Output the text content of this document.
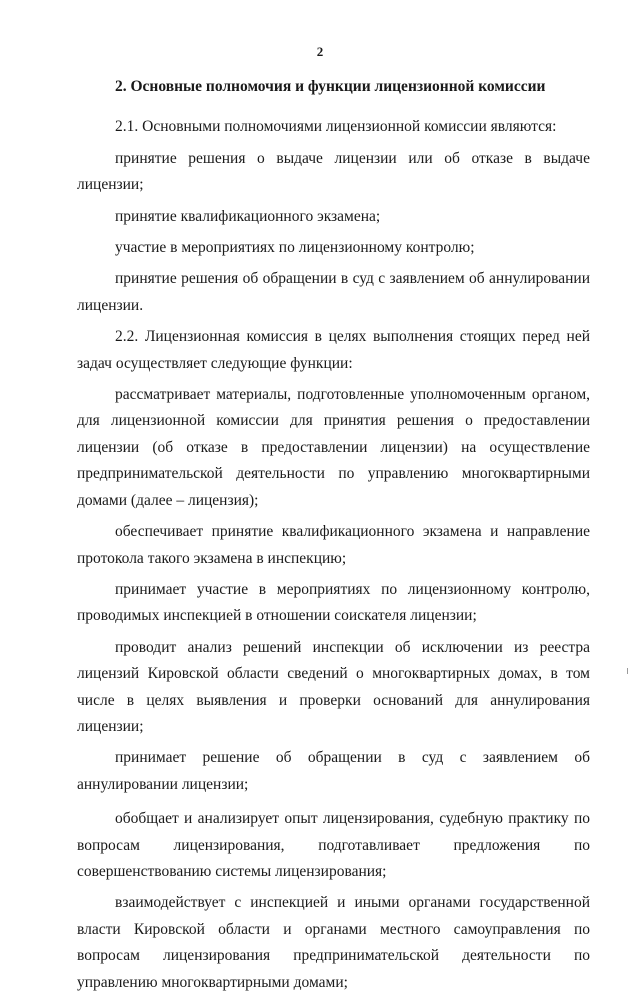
2
2. Основные полномочия и функции лицензионной комиссии

2.1. Основными полномочиями лицензионной комиссии являются:

принятие решения о выдаче лицензии или об отказе в выдаче лицензии;

принятие квалификационного экзамена;

участие в мероприятиях по лицензионному контролю;

принятие решения об обращении в суд с заявлением об аннулировании лицензии.

2.2. Лицензионная комиссия в целях выполнения стоящих перед ней задач осуществляет следующие функции:

рассматривает материалы, подготовленные уполномоченным органом, для лицензионной комиссии для принятия решения о предоставлении лицензии (об отказе в предоставлении лицензии) на осуществление предпринимательской деятельности по управлению многоквартирными домами (далее – лицензия);

обеспечивает принятие квалификационного экзамена и направление протокола такого экзамена в инспекцию;

принимает участие в мероприятиях по лицензионному контролю, проводимых инспекцией в отношении соискателя лицензии;

проводит анализ решений инспекции об исключении из реестра лицензий Кировской области сведений о многоквартирных домах, в том числе в целях выявления и проверки оснований для аннулирования лицензии;

принимает решение об обращении в суд с заявлением об аннулировании лицензии;

обобщает и анализирует опыт лицензирования, судебную практику по вопросам лицензирования, подготавливает предложения по совершенствованию системы лицензирования;

взаимодействует с инспекцией и иными органами государственной власти Кировской области и органами местного самоуправления по вопросам лицензирования предпринимательской деятельности по управлению многоквартирными домами;
